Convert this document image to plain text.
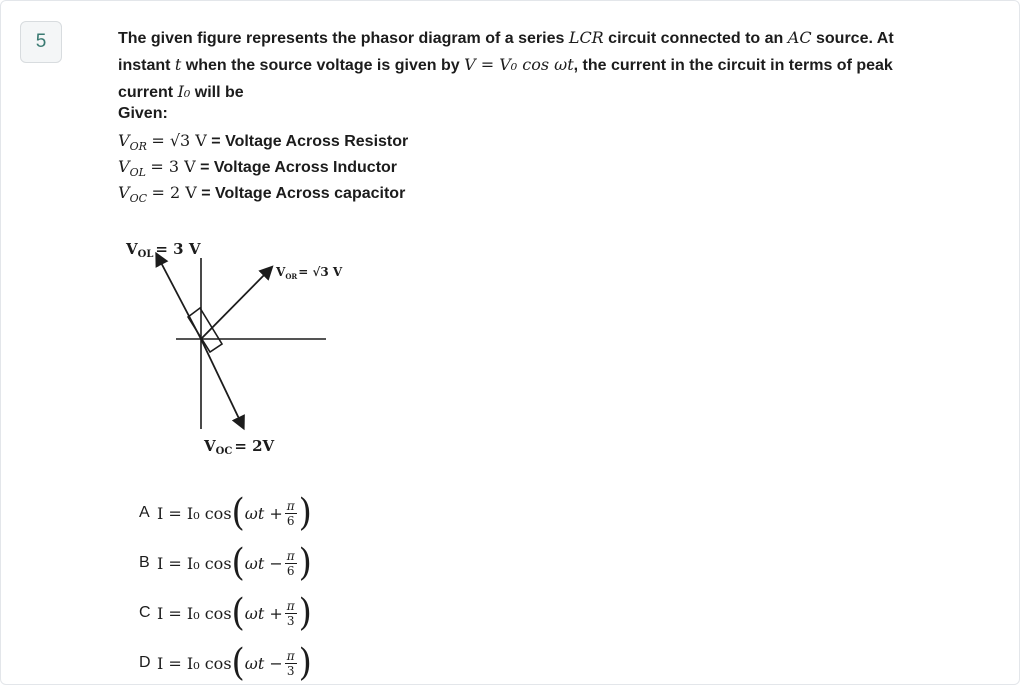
5	The given figure represents the phasor diagram of a series LCR circuit connected to an AC source. At instant t when the source voltage is given by V = V₀ cos ωt, the current in the circuit in terms of peak current I₀ will be
Given:
$V_{OR} = √3$ V = Voltage Across Resistor
$V_{OL} = 3$ V = Voltage Across Inductor
$V_{OC} = 2$ V = Voltage Across capacitor
$V_{OL} = 3$ V
$V_{OR}= √3$ V
$V_{OC} = 2V$
A I = I₀ cos ( $\omega t + \frac{\pi}{6}$ )
B I = I₀ cos ( $\omega t - \frac{\pi}{6}$ )
C I = I₀ cos ( $\omega t + \frac{\pi}{3}$ )
D I = I₀ cos ( $\omega t - \frac{\pi}{3}$ )
